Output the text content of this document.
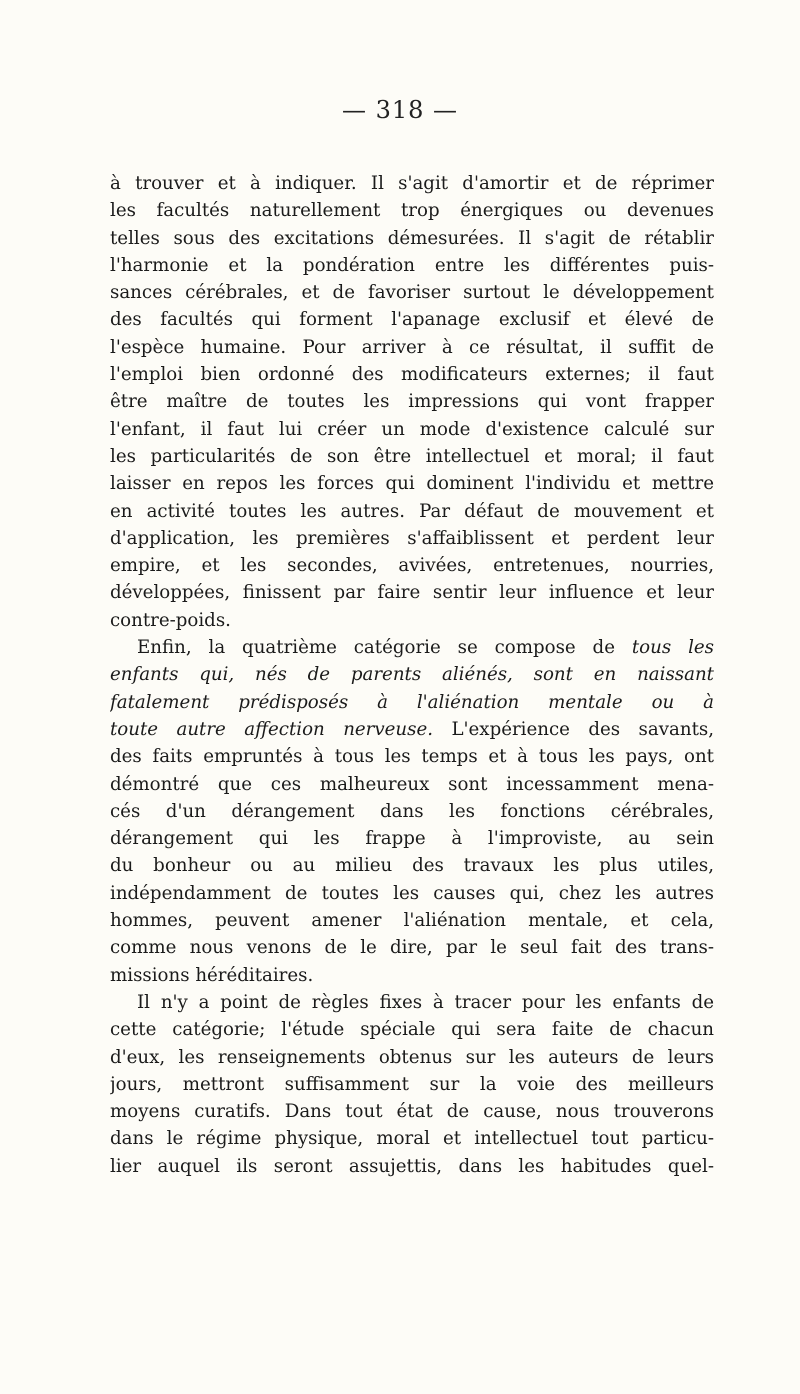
— 318 —
à trouver et à indiquer. Il s'agit d'amortir et de réprimer
les facultés naturellement trop énergiques ou devenues
telles sous des excitations démesurées. Il s'agit de rétablir
l'harmonie et la pondération entre les différentes puis-
sances cérébrales, et de favoriser surtout le développement
des facultés qui forment l'apanage exclusif et élevé de
l'espèce humaine. Pour arriver à ce résultat, il suffit de
l'emploi bien ordonné des modificateurs externes; il faut
être maître de toutes les impressions qui vont frapper
l'enfant, il faut lui créer un mode d'existence calculé sur
les particularités de son être intellectuel et moral; il faut
laisser en repos les forces qui dominent l'individu et mettre
en activité toutes les autres. Par défaut de mouvement et
d'application, les premières s'affaiblissent et perdent leur
empire, et les secondes, avivées, entretenues, nourries,
développées, finissent par faire sentir leur influence et leur
contre-poids.
Enfin, la quatrième catégorie se compose de tous les
enfants qui, nés de parents aliénés, sont en naissant
fatalement prédisposés à l'aliénation mentale ou à
toute autre affection nerveuse. L'expérience des savants,
des faits empruntés à tous les temps et à tous les pays, ont
démontré que ces malheureux sont incessamment mena-
cés d'un dérangement dans les fonctions cérébrales,
dérangement qui les frappe à l'improviste, au sein
du bonheur ou au milieu des travaux les plus utiles,
indépendamment de toutes les causes qui, chez les autres
hommes, peuvent amener l'aliénation mentale, et cela,
comme nous venons de le dire, par le seul fait des trans-
missions héréditaires.
Il n'y a point de règles fixes à tracer pour les enfants de
cette catégorie; l'étude spéciale qui sera faite de chacun
d'eux, les renseignements obtenus sur les auteurs de leurs
jours, mettront suffisamment sur la voie des meilleurs
moyens curatifs. Dans tout état de cause, nous trouverons
dans le régime physique, moral et intellectuel tout particu-
lier auquel ils seront assujettis, dans les habitudes quel-
